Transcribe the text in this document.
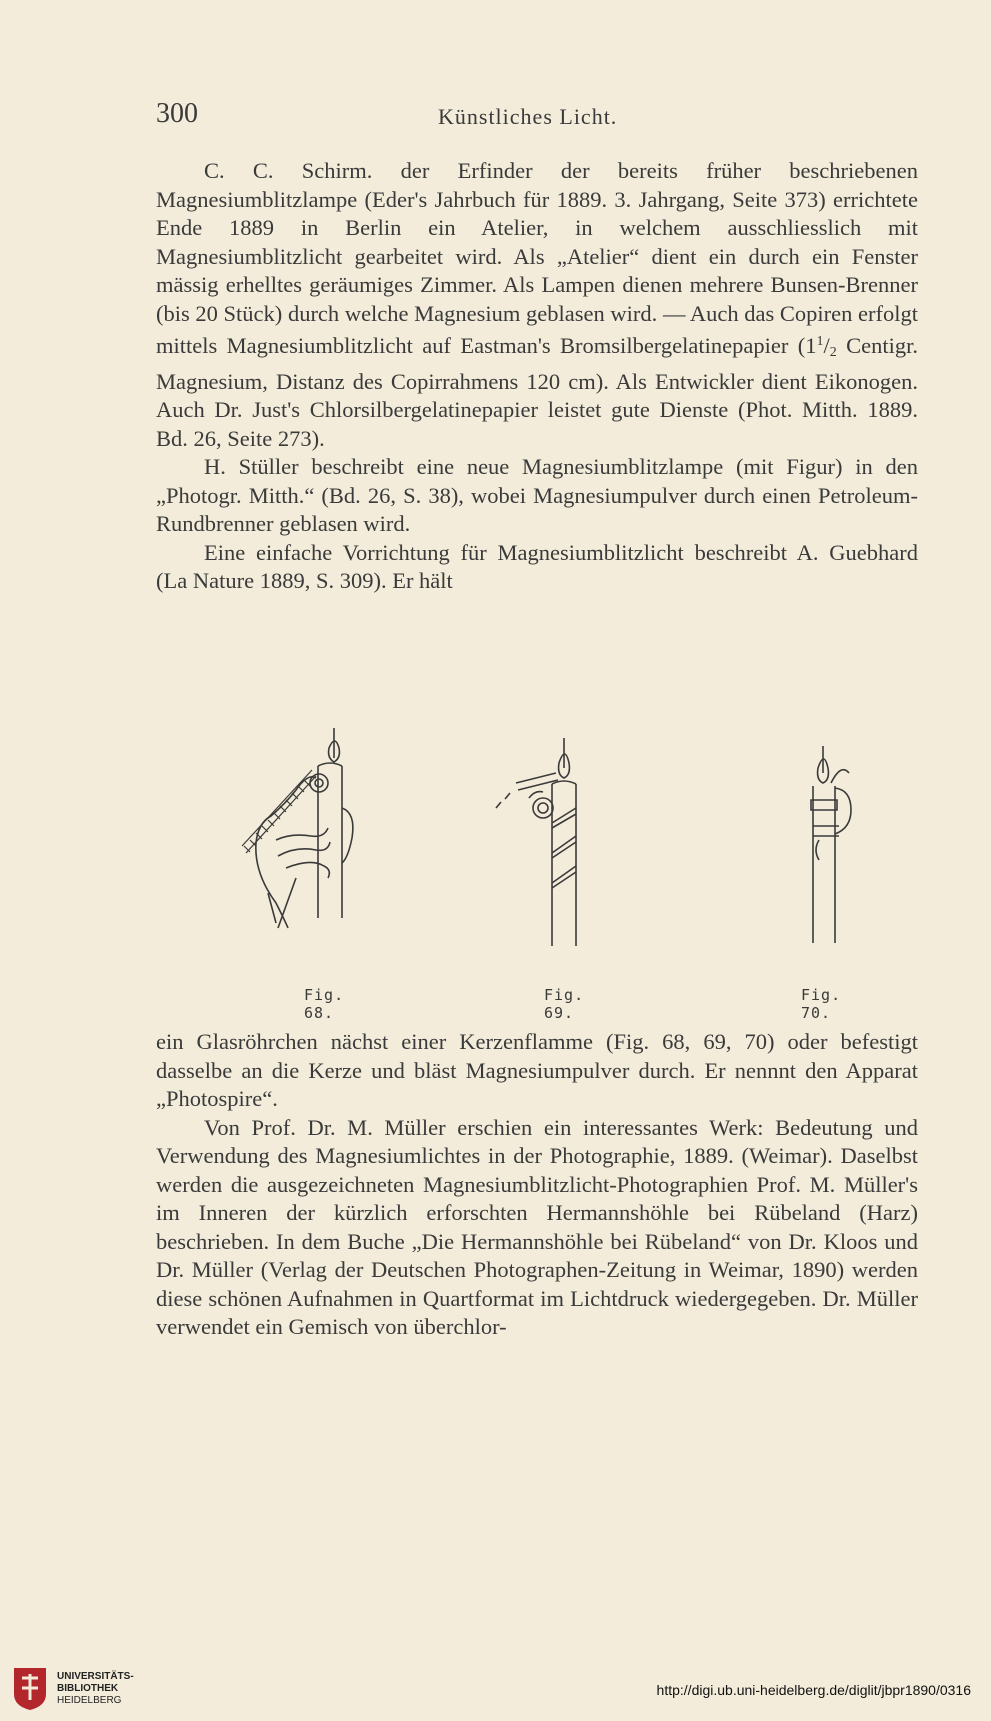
300	Künstliches Licht.

C. C. Schirm. der Erfinder der bereits früher beschriebenen Magnesiumblitzlampe (Eder's Jahrbuch für 1889. 3. Jahrgang, Seite 373) errichtete Ende 1889 in Berlin ein Atelier, in welchem ausschliesslich mit Magnesiumblitzlicht gearbeitet wird. Als „Atelier“ dient ein durch ein Fenster mässig erhelltes geräumiges Zimmer. Als Lampen dienen mehrere Bunsen-Brenner (bis 20 Stück) durch welche Magnesium geblasen wird. — Auch das Copiren erfolgt mittels Magnesiumblitzlicht auf Eastman's Bromsilbergelatinepapier ($1^1/_2$ Centigr. Magnesium, Distanz des Copirrahmens 120 cm). Als Entwickler dient Eikonogen. Auch Dr. Just's Chlorsilbergelatinepapier leistet gute Dienste (Phot. Mitth. 1889. Bd. 26, Seite 273).

H. Stüller beschreibt eine neue Magnesiumblitzlampe (mit Figur) in den „Photogr. Mitth.“ (Bd. 26, S. 38), wobei Magnesiumpulver durch einen Petroleum-Rundbrenner geblasen wird.

Eine einfache Vorrichtung für Magnesiumblitzlicht beschreibt A. Guebhard (La Nature 1889, S. 309). Er hält

Fig. 68.
Fig. 69.
Fig. 70.

ein Glasröhrchen nächst einer Kerzenflamme (Fig. 68, 69, 70) oder befestigt dasselbe an die Kerze und bläst Magnesiumpulver durch. Er nennnt den Apparat „Photospire“.

Von Prof. Dr. M. Müller erschien ein interessantes Werk: Bedeutung und Verwendung des Magnesiumlichtes in der Photographie, 1889. (Weimar). Daselbst werden die ausgezeichneten Magnesiumblitzlicht-Photographien Prof. M. Müller's im Inneren der kürzlich erforschten Hermannshöhle bei Rübeland (Harz) beschrieben. In dem Buche „Die Hermannshöhle bei Rübeland“ von Dr. Kloos und Dr. Müller (Verlag der Deutschen Photographen-Zeitung in Weimar, 1890) werden diese schönen Aufnahmen in Quartformat im Lichtdruck wiedergegeben. Dr. Müller verwendet ein Gemisch von überchlor-

UNIVERSITÄTS-
BIBLIOTHEK
HEIDELBERG
http://digi.ub.uni-heidelberg.de/diglit/jbpr1890/0316
